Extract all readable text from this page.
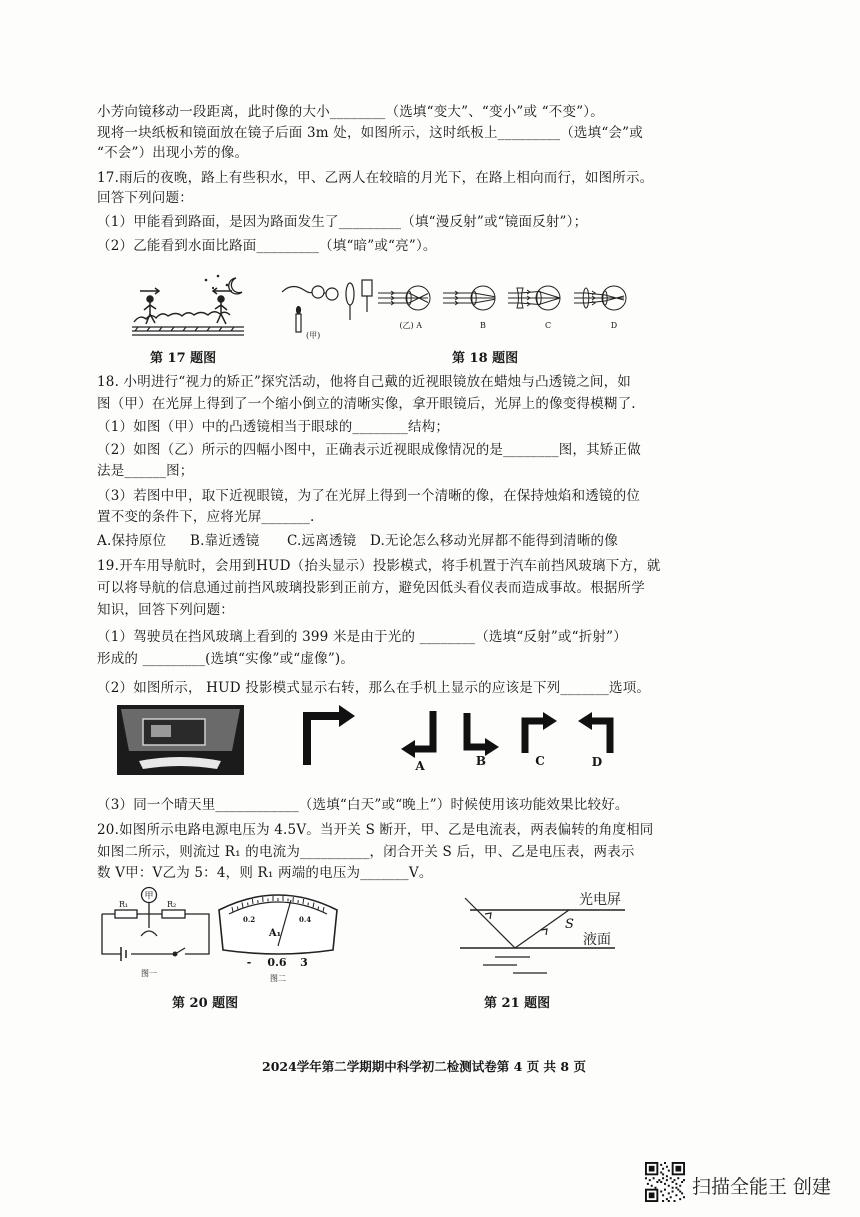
小芳向镜移动一段距离，此时像的大小________（选填“变大”、“变小”或 “不变”）。
现将一块纸板和镜面放在镜子后面 3m 处，如图所示，这时纸板上_________（选填“会”或
“不会”）出现小芳的像。
17.雨后的夜晚，路上有些积水，甲、乙两人在较暗的月光下，在路上相向而行，如图所示。
回答下列问题：
（1）甲能看到路面，是因为路面发生了_________（填“漫反射”或“镜面反射”）；
（2）乙能看到水面比路面_________（填“暗”或“亮”）。
(甲)
(乙) A	B	C	D
第 17 题图	第 18 题图
18. 小明进行“视力的矫正”探究活动，他将自己戴的近视眼镜放在蜡烛与凸透镜之间，如
图（甲）在光屏上得到了一个缩小倒立的清晰实像，拿开眼镜后，光屏上的像变得模糊了.
（1）如图（甲）中的凸透镜相当于眼球的________结构；
（2）如图（乙）所示的四幅小图中，正确表示近视眼成像情况的是________图，其矫正做
法是______图；
（3）若图中甲，取下近视眼镜，为了在光屏上得到一个清晰的像，在保持烛焰和透镜的位
置不变的条件下，应将光屏_______.
A.保持原位 B.靠近透镜 C.远离透镜 D.无论怎么移动光屏都不能得到清晰的像
19.开车用导航时，会用到HUD（抬头显示）投影模式，将手机置于汽车前挡风玻璃下方，就
可以将导航的信息通过前挡风玻璃投影到正前方，避免因低头看仪表而造成事故。根据所学
知识，回答下列问题：
（1）驾驶员在挡风玻璃上看到的 399 米是由于光的 ________（选填“反射”或“折射”）
形成的 _________(选填“实像”或“虚像”)。
（2）如图所示， HUD 投影模式显示右转，那么在手机上显示的应该是下列_______选项。
A	B	C	D
（3）同一个晴天里____________（选填“白天”或“晚上”）时候使用该功能效果比较好。
20.如图所示电路电源电压为 4.5V。当开关 S 断开，甲、乙是电流表，两表偏转的角度相同
如图二所示，则流过 R₁ 的电流为__________，闭合开关 S 后，甲、乙是电压表，两表示
数 V甲：V乙为 5：4，则 R₁ 两端的电压为_______V。
甲
R₁	R₂
图一
0.2	0.4
A₁
- 0.6 3
图二
光电屏
S
液面
第 20 题图	第 21 题图
2024学年第二学期期中科学初二检测试卷第 4 页 共 8 页
扫描全能王 创建
